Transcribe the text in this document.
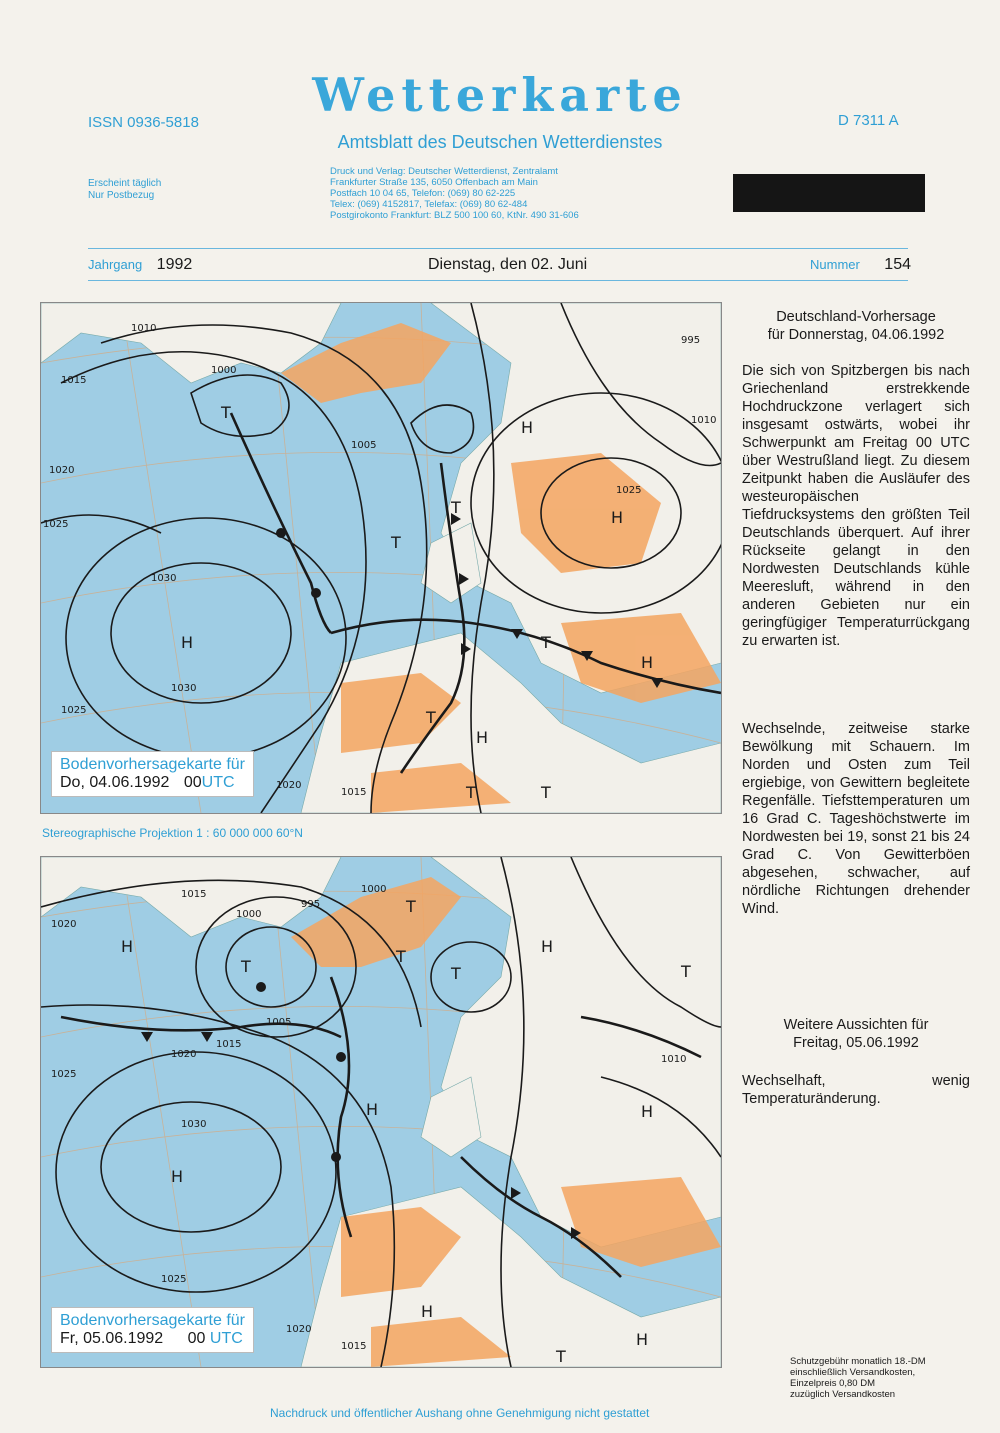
ISSN 0936-5818
Wetterkarte
Amtsblatt des Deutschen Wetterdienstes
D 7311 A
Erscheint täglich
Nur Postbezug
Druck und Verlag: Deutscher Wetterdienst, Zentralamt
Frankfurter Straße 135, 6050 Offenbach am Main
Postfach 10 04 65, Telefon: (069) 80 62-225
Telex: (069) 4152817, Telefax: (069) 80 62-484
Postgirokonto Frankfurt: BLZ 500 100 60, KtNr. 490 31-606
Jahrgang 1992	Dienstag, den 02. Juni	Nummer 154
H
H
H
H
H
T
T
T
T
T	T
T
1010
1015
1020
1025
1030
1005
1000
995
1030
1025
1020
1015
1010
1025
Bodenvorhersagekarte für
Do, 04.06.1992 00UTC
Stereographische Projektion 1 : 60 000 000 60°N
H
H
H	H
H
H
H
T
T
T
T
T
T
1015
1020
1025
1030
1005
1000
995
1000
1020
1015
1010
1025
1020
1015
Bodenvorhersagekarte für
Fr, 05.06.1992 00 UTC
Deutschland-Vorhersage
für Donnerstag, 04.06.1992
Die sich von Spitzbergen bis nach Griechenland erstrekkende Hochdruckzone verlagert sich insgesamt ostwärts, wobei ihr Schwerpunkt am Freitag 00 UTC über Westrußland liegt. Zu diesem Zeitpunkt haben die Ausläufer des westeuropäischen Tiefdrucksystems den größten Teil Deutschlands überquert. Auf ihrer Rückseite gelangt in den Nordwesten Deutschlands kühle Meeresluft, während in den anderen Gebieten nur ein geringfügiger Temperaturrückgang zu erwarten ist.
Wechselnde, zeitweise starke Bewölkung mit Schauern. Im Norden und Osten zum Teil ergiebige, von Gewittern begleitete Regenfälle. Tiefsttemperaturen um 16 Grad C. Tageshöchstwerte im Nordwesten bei 19, sonst 21 bis 24 Grad C. Von Gewitterböen abgesehen, schwacher, auf nördliche Richtungen drehender Wind.
Weitere Aussichten für
Freitag, 05.06.1992
Wechselhaft, wenig Temperaturänderung.
Schutzgebühr monatlich 18.-DM
einschließlich Versandkosten,
Einzelpreis 0,80 DM
zuzüglich Versandkosten
Nachdruck und öffentlicher Aushang ohne Genehmigung nicht gestattet
